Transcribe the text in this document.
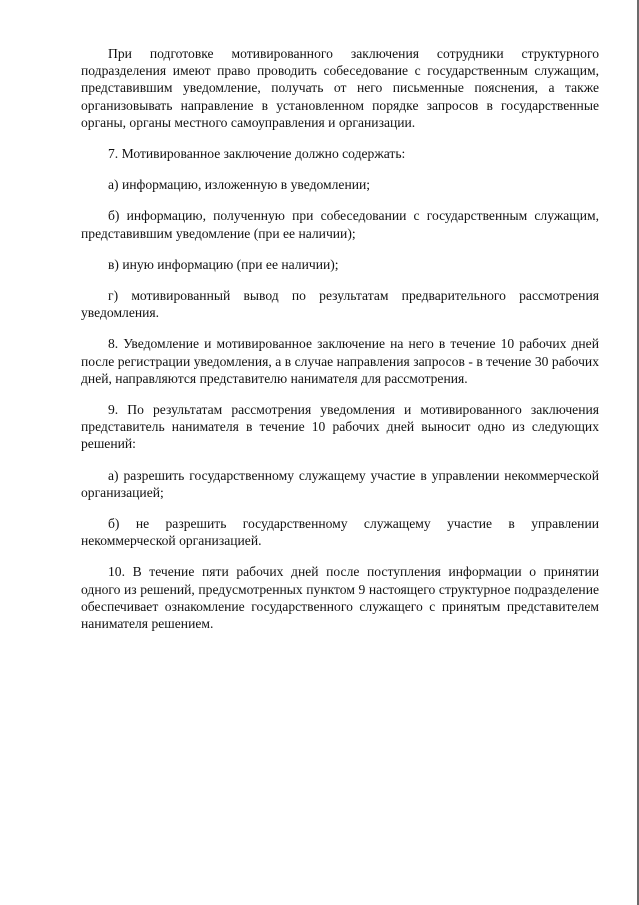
При подготовке мотивированного заключения сотрудники структурного подразделения имеют право проводить собеседование с государственным служащим, представившим уведомление, получать от него письменные пояснения, а также организовывать направление в установленном порядке запросов в государственные органы, органы местного самоуправления и организации.

7. Мотивированное заключение должно содержать:

а) информацию, изложенную в уведомлении;

б) информацию, полученную при собеседовании с государственным служащим, представившим уведомление (при ее наличии);

в) иную информацию (при ее наличии);

г) мотивированный вывод по результатам предварительного рассмотрения уведомления.

8. Уведомление и мотивированное заключение на него в течение 10 рабочих дней после регистрации уведомления, а в случае направления запросов - в течение 30 рабочих дней, направляются представителю нанимателя для рассмотрения.

9. По результатам рассмотрения уведомления и мотивированного заключения представитель нанимателя в течение 10 рабочих дней выносит одно из следующих решений:

а) разрешить государственному служащему участие в управлении некоммерческой организацией;

б) не разрешить государственному служащему участие в управлении некоммерческой организацией.

10. В течение пяти рабочих дней после поступления информации о принятии одного из решений, предусмотренных пунктом 9 настоящего структурное подразделение обеспечивает ознакомление государственного служащего с принятым представителем нанимателя решением.
